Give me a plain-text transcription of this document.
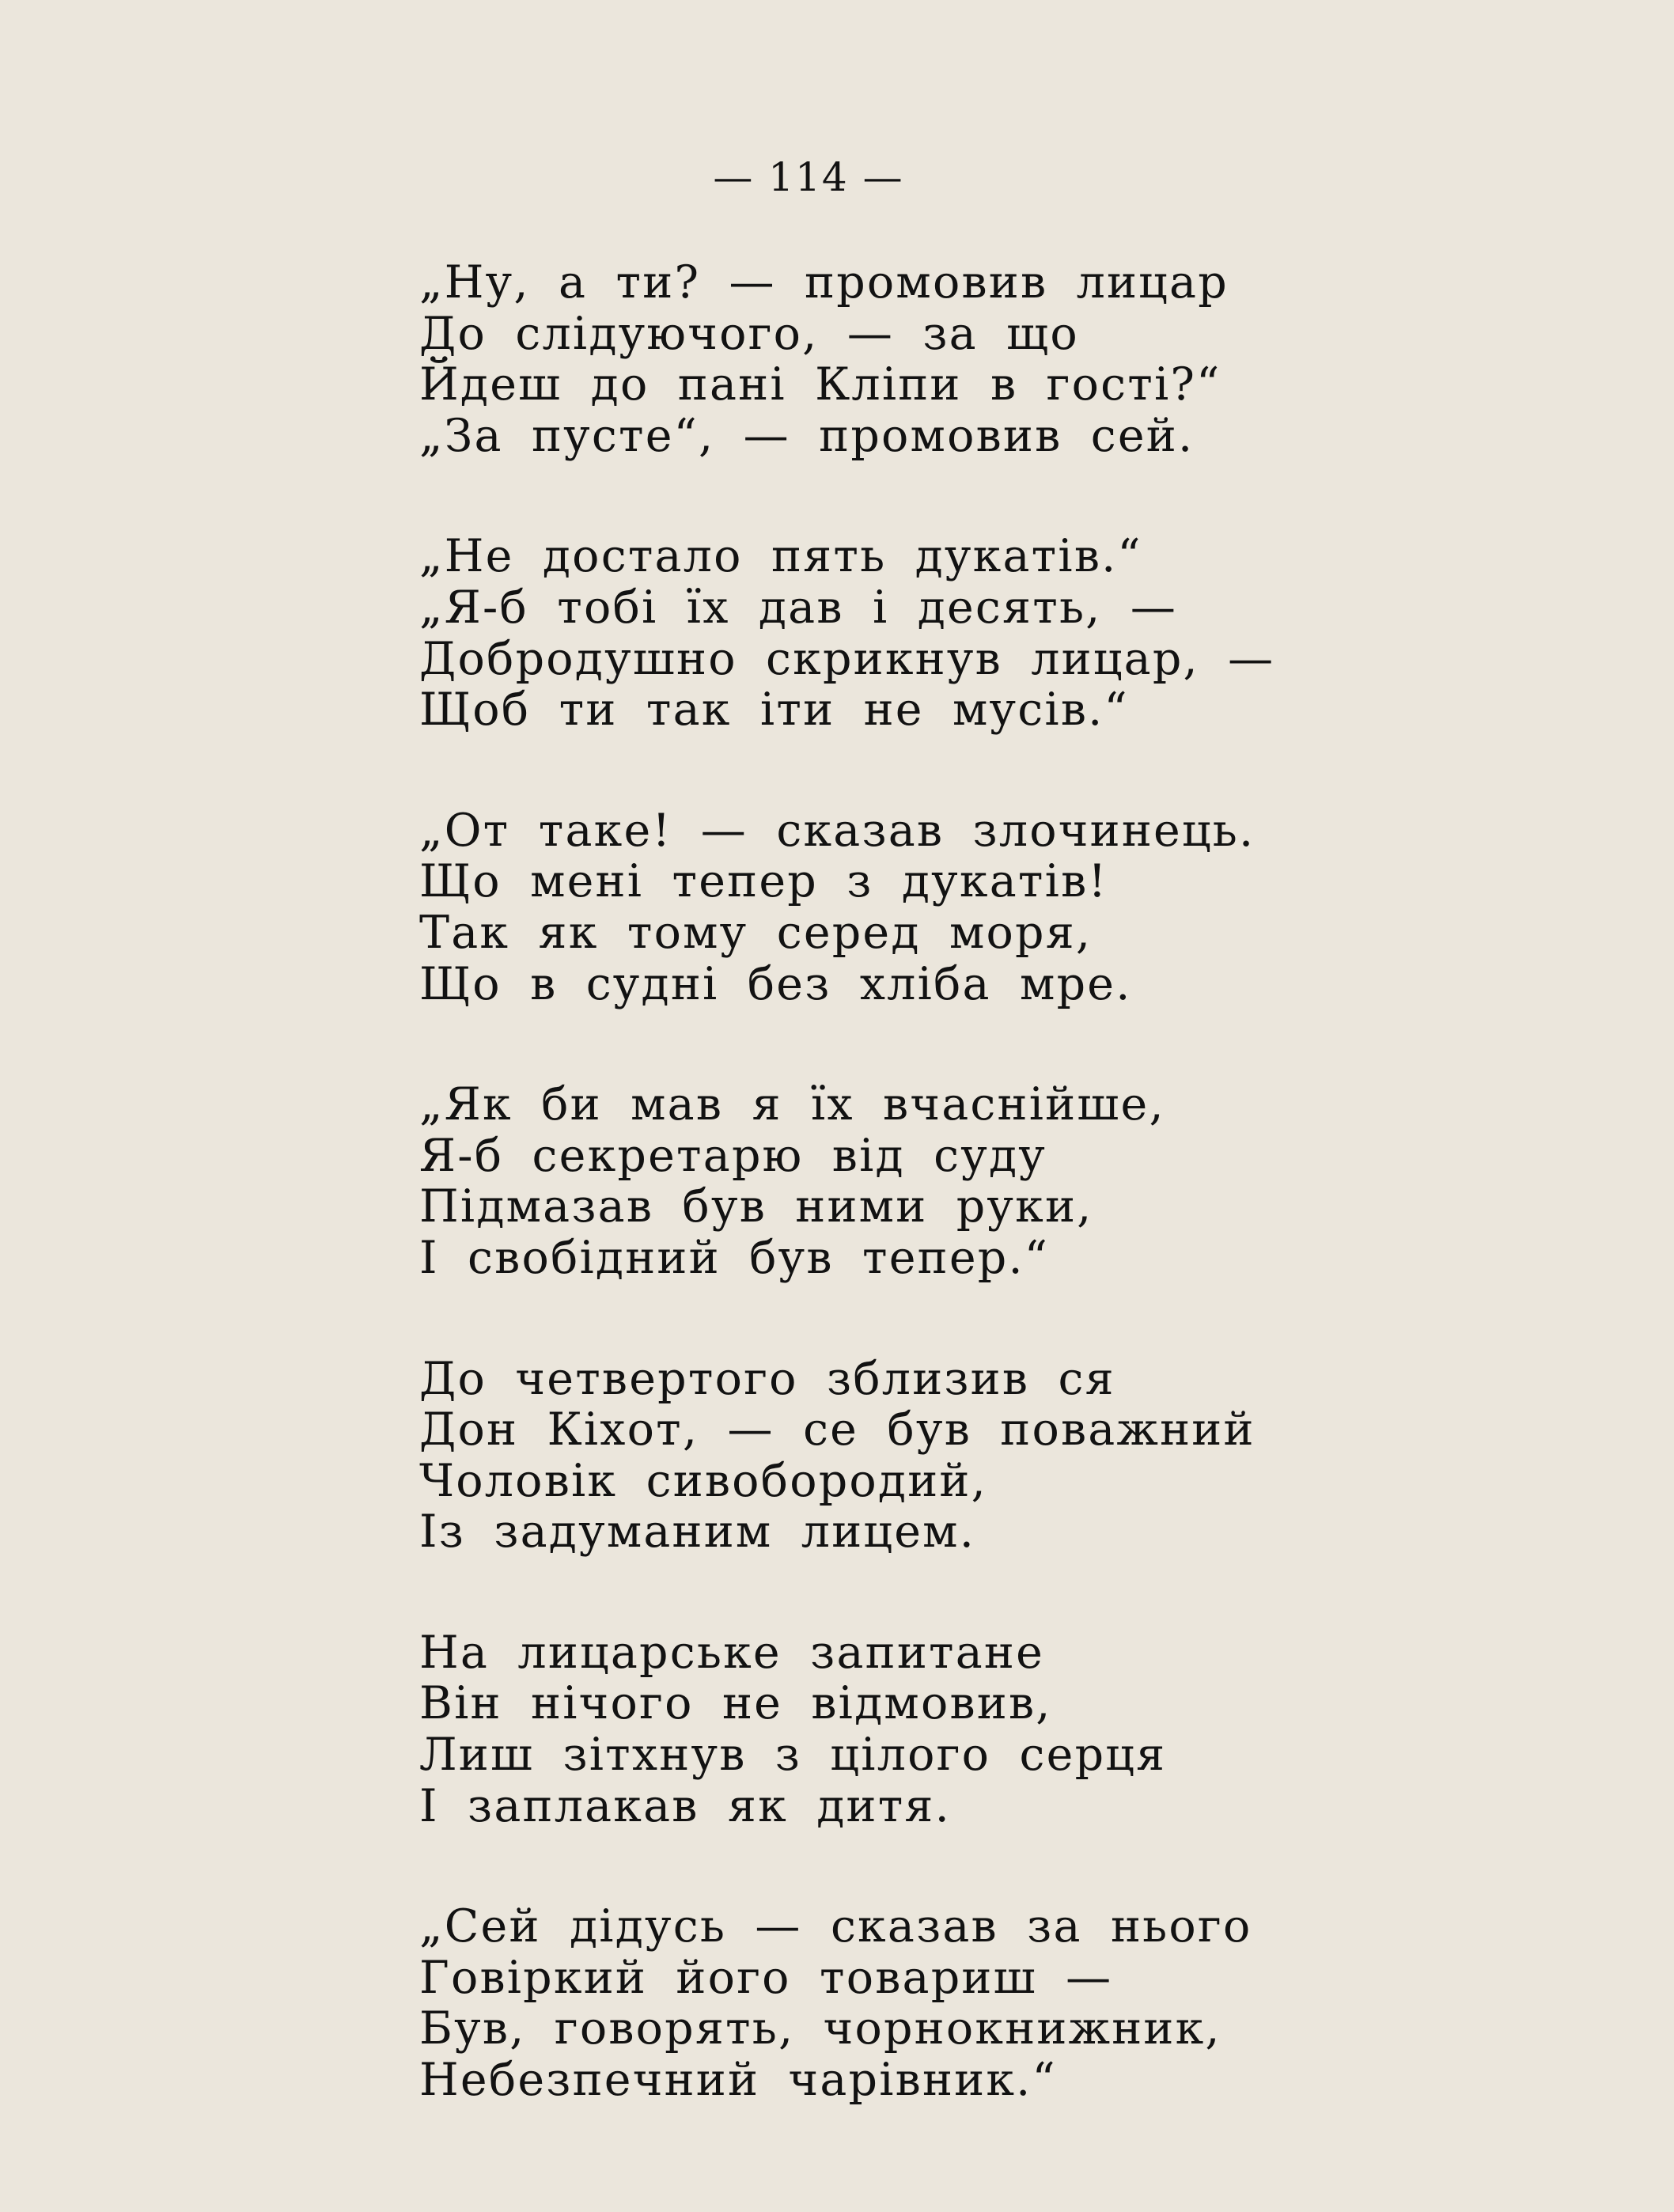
— 114 —
„Ну, а ти? — промовив лицар
До слідуючого, — за що
Йдеш до пані Кліпи в гості?“
„За пусте“, — промовив сей.
„Не достало пять дукатів.“
„Я-б тобі їх дав і десять, —
Добродушно скрикнув лицар, —
Щоб ти так іти не мусів.“
„От таке! — сказав злочинець.
Що мені тепер з дукатів!
Так як тому серед моря,
Що в судні без хліба мре.
„Як би мав я їх вчаснійше,
Я-б секретарю від суду
Підмазав був ними руки,
І свобідний був тепер.“
До четвертого зблизив ся
Дон Кіхот, — се був поважний
Чоловік сивобородий,
Із задуманим лицем.
На лицарське запитане
Він нічого не відмовив,
Лиш зітхнув з цілого серця
І заплакав як дитя.
„Сей дідусь — сказав за нього
Говіркий його товариш —
Був, говорять, чорнокнижник,
Небезпечний чарівник.“
